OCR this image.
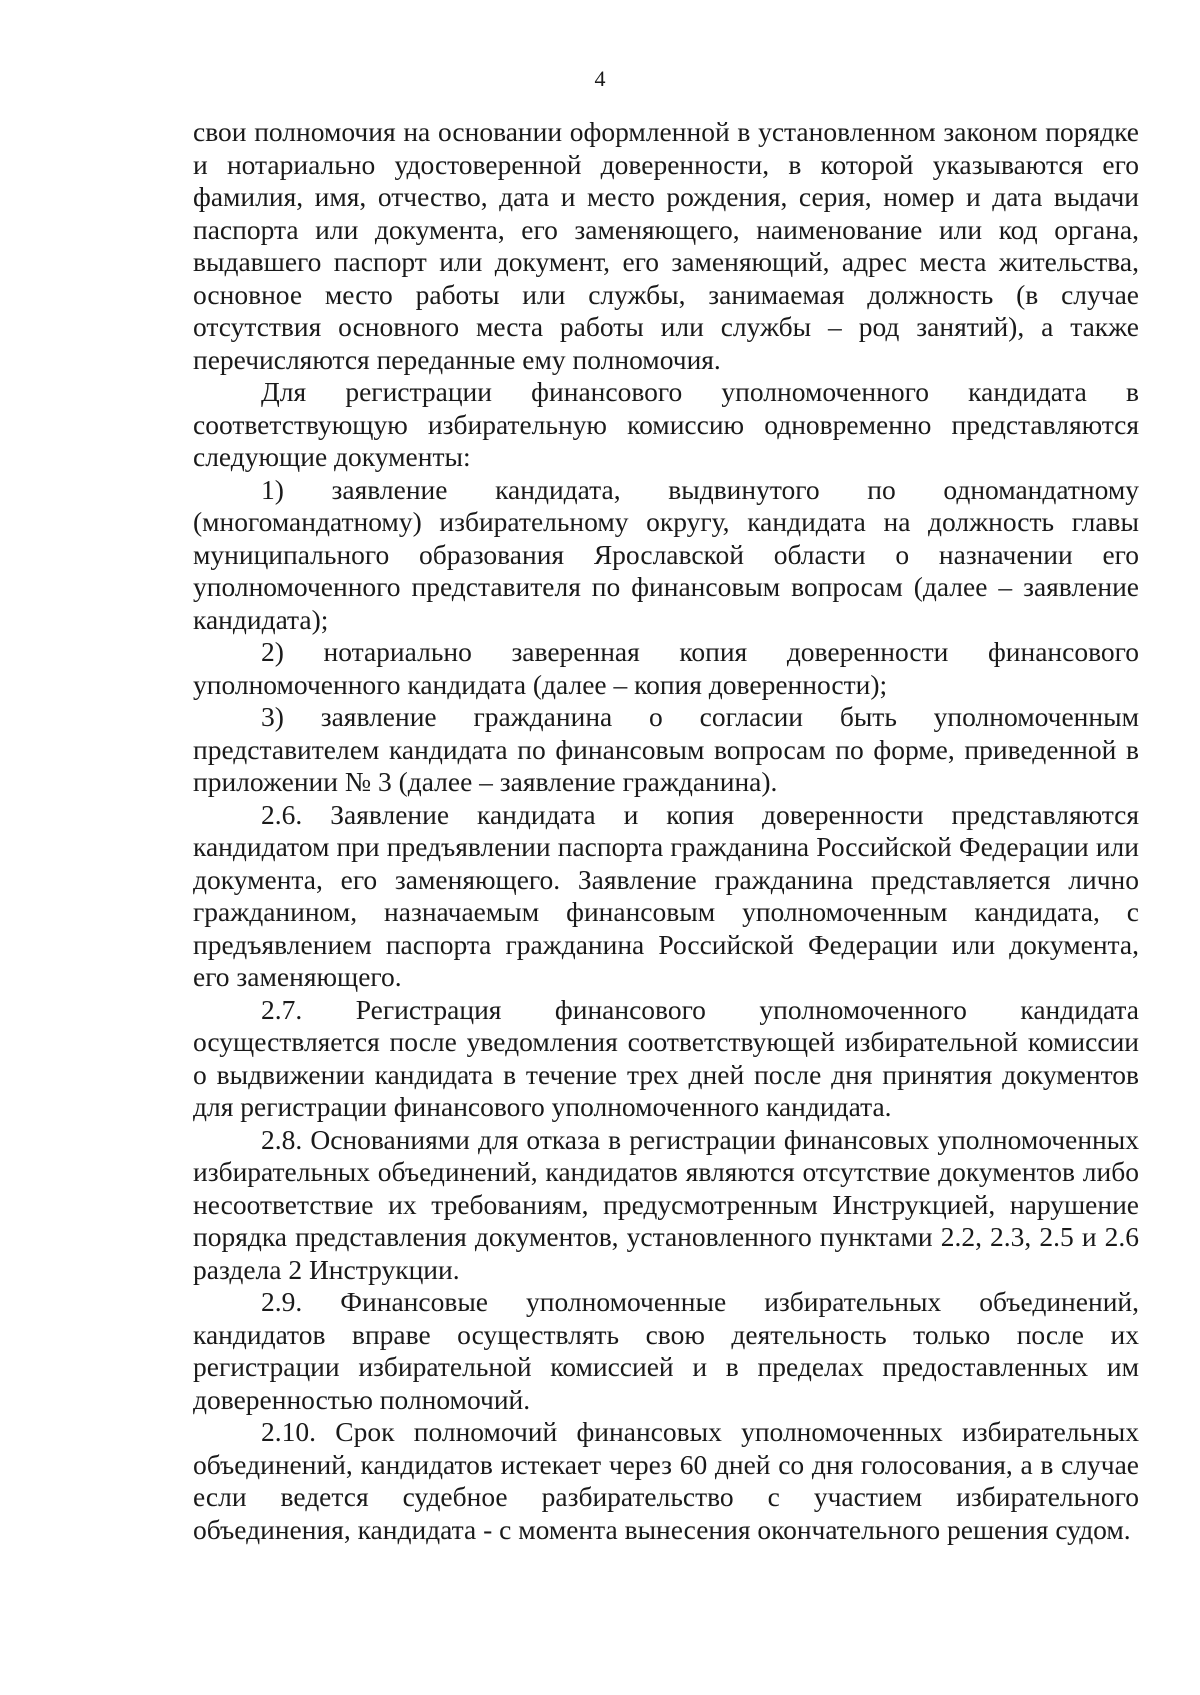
4

свои полномочия на основании оформленной в установленном законом порядке и нотариально удостоверенной доверенности, в которой указываются его фамилия, имя, отчество, дата и место рождения, серия, номер и дата выдачи паспорта или документа, его заменяющего, наименование или код органа, выдавшего паспорт или документ, его заменяющий, адрес места жительства, основное место работы или службы, занимаемая должность (в случае отсутствия основного места работы или службы – род занятий), а также перечисляются переданные ему полномочия.

Для регистрации финансового уполномоченного кандидата в соответствующую избирательную комиссию одновременно представляются следующие документы:

1) заявление кандидата, выдвинутого по одномандатному (многомандатному) избирательному округу, кандидата на должность главы муниципального образования Ярославской области о назначении его уполномоченного представителя по финансовым вопросам (далее – заявление кандидата);

2) нотариально заверенная копия доверенности финансового уполномоченного кандидата (далее – копия доверенности);

3) заявление гражданина о согласии быть уполномоченным представителем кандидата по финансовым вопросам по форме, приведенной в приложении № 3 (далее – заявление гражданина).

2.6. Заявление кандидата и копия доверенности представляются кандидатом при предъявлении паспорта гражданина Российской Федерации или документа, его заменяющего. Заявление гражданина представляется лично гражданином, назначаемым финансовым уполномоченным кандидата, с предъявлением паспорта гражданина Российской Федерации или документа, его заменяющего.

2.7. Регистрация финансового уполномоченного кандидата осуществляется после уведомления соответствующей избирательной комиссии о выдвижении кандидата в течение трех дней после дня принятия документов для регистрации финансового уполномоченного кандидата.

2.8. Основаниями для отказа в регистрации финансовых уполномоченных избирательных объединений, кандидатов являются отсутствие документов либо несоответствие их требованиям, предусмотренным Инструкцией, нарушение порядка представления документов, установленного пунктами 2.2, 2.3, 2.5 и 2.6 раздела 2 Инструкции.

2.9. Финансовые уполномоченные избирательных объединений, кандидатов вправе осуществлять свою деятельность только после их регистрации избирательной комиссией и в пределах предоставленных им доверенностью полномочий.

2.10. Срок полномочий финансовых уполномоченных избирательных объединений, кандидатов истекает через 60 дней со дня голосования, а в случае если ведется судебное разбирательство с участием избирательного объединения, кандидата - с момента вынесения окончательного решения судом.
